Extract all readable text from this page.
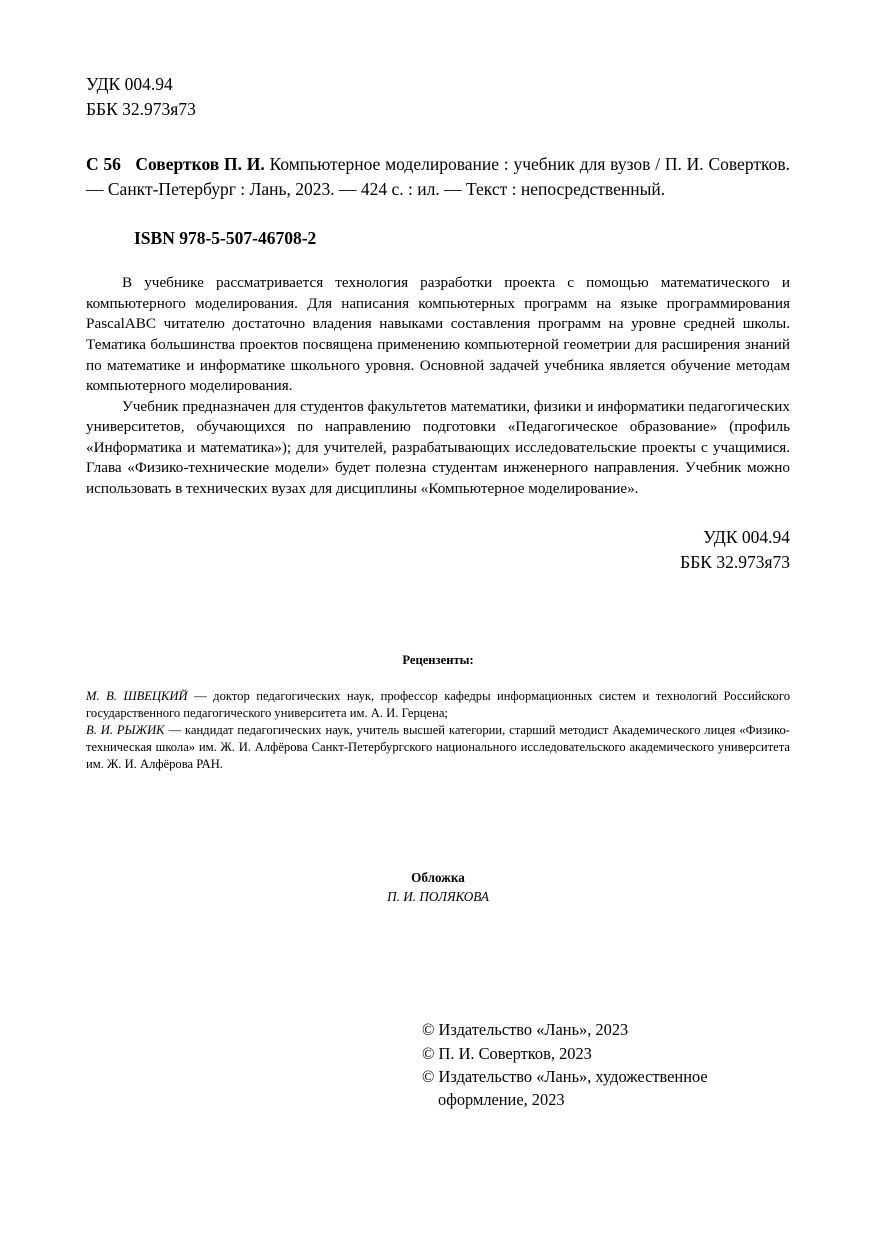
УДК 004.94
ББК 32.973я73
С 56 Совертков П. И. Компьютерное моделирование : учебник для вузов / П. И. Совертков. — Санкт-Петербург : Лань, 2023. — 424 с. : ил. — Текст : непосредственный.
ISBN 978-5-507-46708-2

В учебнике рассматривается технология разработки проекта с помощью математического и компьютерного моделирования. Для написания компьютерных программ на языке программирования PascalABC читателю достаточно владения навыками составления программ на уровне средней школы. Тематика большинства проектов посвящена применению компьютерной геометрии для расширения знаний по математике и информатике школьного уровня. Основной задачей учебника является обучение методам компьютерного моделирования.

Учебник предназначен для студентов факультетов математики, физики и информатики педагогических университетов, обучающихся по направлению подготовки «Педагогическое образование» (профиль «Информатика и математика»); для учителей, разрабатывающих исследовательские проекты с учащимися. Глава «Физико-технические модели» будет полезна студентам инженерного направления. Учебник можно использовать в технических вузах для дисциплины «Компьютерное моделирование».

УДК 004.94
ББК 32.973я73
Рецензенты:

М. В. ШВЕЦКИЙ — доктор педагогических наук, профессор кафедры информационных систем и технологий Российского государственного педагогического университета им. А. И. Герцена;

В. И. РЫЖИК — кандидат педагогических наук, учитель высшей категории, старший методист Академического лицея «Физико-техническая школа» им. Ж. И. Алфёрова Санкт-Петербургского национального исследовательского академического университета им. Ж. И. Алфёрова РАН.

Обложка
П. И. ПОЛЯКОВА
© Издательство «Лань», 2023
© П. И. Совертков, 2023
© Издательство «Лань», художественное
оформление, 2023
